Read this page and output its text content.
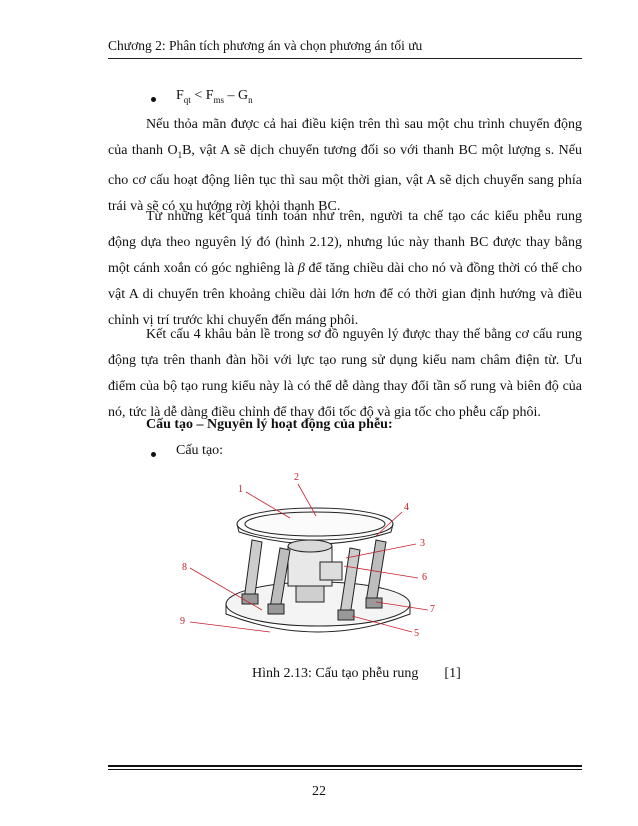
Chương 2: Phân tích phương án và chọn phương án tối ưu
$F_{qt} < F_{ms} - G_n$

Nếu thỏa mãn được cả hai điều kiện trên thì sau một chu trình chuyển động của thanh $O_1B$, vật A sẽ dịch chuyển tương đối so với thanh BC một lượng s. Nếu cho cơ cấu hoạt động liên tục thì sau một thời gian, vật A sẽ dịch chuyển sang phía trái và sẽ có xu hướng rời khỏi thanh BC.

Từ những kết quả tính toán như trên, người ta chế tạo các kiểu phễu rung động dựa theo nguyên lý đó (hình 2.12), nhưng lúc này thanh BC được thay bằng một cánh xoắn có góc nghiêng là β để tăng chiều dài cho nó và đồng thời có thể cho vật A di chuyển trên khoảng chiều dài lớn hơn để có thời gian định hướng và điều chỉnh vị trí trước khi chuyển đến máng phôi.

Kết cấu 4 khâu bản lề trong sơ đồ nguyên lý được thay thế bằng cơ cấu rung động tựa trên thanh đàn hồi với lực tạo rung sử dụng kiểu nam châm điện từ. Ưu điểm của bộ tạo rung kiểu này là có thể dễ dàng thay đổi tần số rung và biên độ của nó, tức là dễ dàng điều chỉnh để thay đổi tốc độ và gia tốc cho phễu cấp phôi.

Cấu tạo – Nguyên lý hoạt động của phễu:
Cấu tạo:
1
2
4
3
6
7
5
8
9
Hình 2.13: Cấu tạo phễu rung [1]
22
